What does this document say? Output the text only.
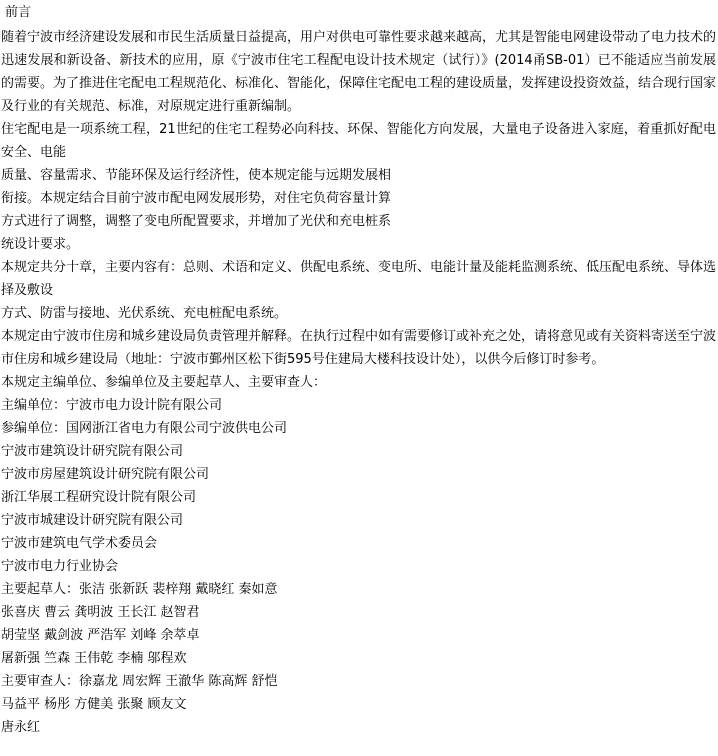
前言

随着宁波市经济建设发展和市民生活质量日益提高，用户对供电可靠性要求越来越高，尤其是智能电网建设带动了电力技术的迅速发展和新设备、新技术的应用，原《宁波市住宅工程配电设计技术规定（试行）》(2014甬SB-01）已不能适应当前发展的需要。为了推进住宅配电工程规范化、标准化、智能化，保障住宅配电工程的建设质量，发挥建设投资效益，结合现行国家及行业的有关规范、标准，对原规定进行重新编制。

住宅配电是一项系统工程，21世纪的住宅工程势必向科技、环保、智能化方向发展，大量电子设备进入家庭，着重抓好配电安全、电能

质量、容量需求、节能环保及运行经济性，使本规定能与远期发展相

衔接。本规定结合目前宁波市配电网发展形势，对住宅负荷容量计算

方式进行了调整，调整了变电所配置要求，并增加了光伏和充电桩系

统设计要求。

本规定共分十章，主要内容有：总则、术语和定义、供配电系统、变电所、电能计量及能耗监测系统、低压配电系统、导体选择及敷设

方式、防雷与接地、光伏系统、充电桩配电系统。

本规定由宁波市住房和城乡建设局负责管理并解释。在执行过程中如有需要修订或补充之处，请将意见或有关资料寄送至宁波市住房和城乡建设局（地址：宁波市鄞州区松下街595号住建局大楼科技设计处），以供今后修订时参考。

本规定主编单位、参编单位及主要起草人、主要审查人：

主编单位：宁波市电力设计院有限公司

参编单位：国网浙江省电力有限公司宁波供电公司

宁波市建筑设计研究院有限公司

宁波市房屋建筑设计研究院有限公司

浙江华展工程研究设计院有限公司

宁波市城建设计研究院有限公司

宁波市建筑电气学术委员会

宁波市电力行业协会

主要起草人：张洁 张新跃 裴梓翔 戴晓红 秦如意

张喜庆 曹云 龚明波 王长江 赵智君

胡莹坚 戴剑波 严浩军 刘峰 余萃卓

屠新强 竺森 王伟乾 李楠 邬程欢

主要审查人：徐嘉龙 周宏辉 王澈华 陈高辉 舒恺

马益平 杨彤 方健美 张聚 顾友文

唐永红
